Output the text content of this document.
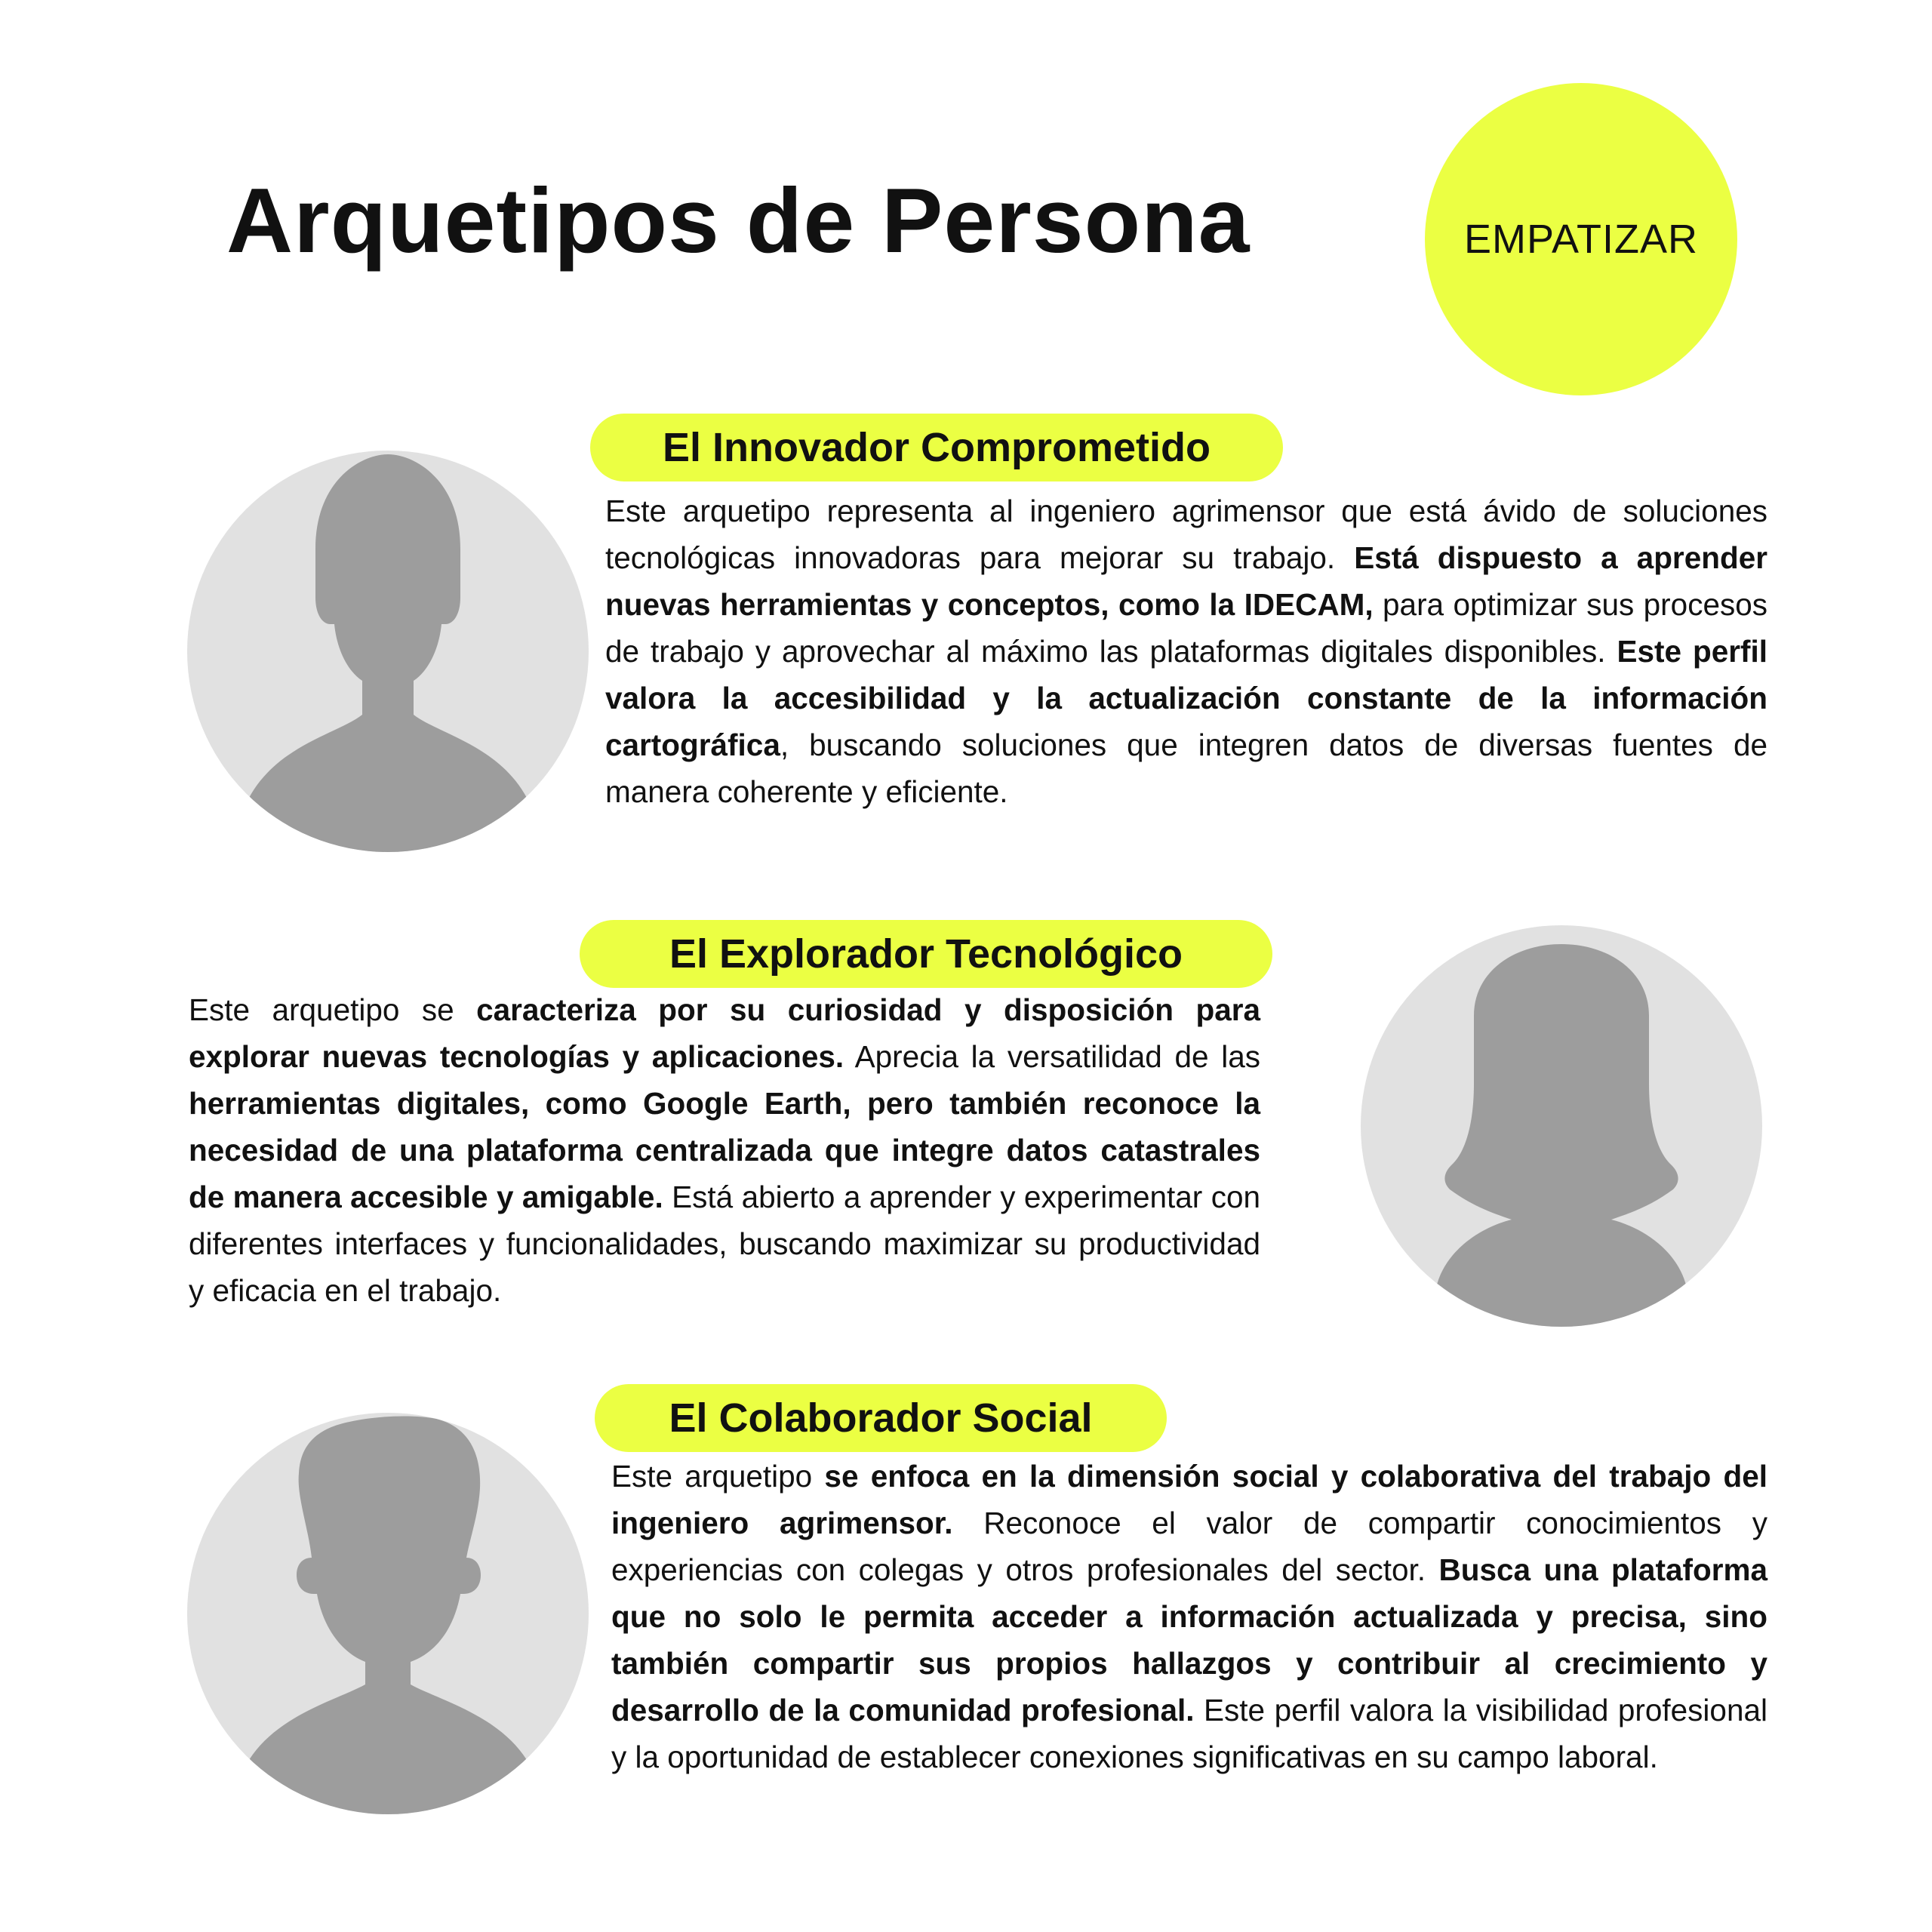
Arquetipos de Persona	EMPATIZAR
El Innovador Comprometido

Este arquetipo representa al ingeniero agrimensor que está ávido de soluciones tecnológicas innovadoras para mejorar su trabajo. Está dispuesto a aprender nuevas herramientas y conceptos, como la IDECAM, para optimizar sus procesos de trabajo y aprovechar al máximo las plataformas digitales disponibles. Este perfil valora la accesibilidad y la actualización constante de la información cartográfica, buscando soluciones que integren datos de diversas fuentes de manera coherente y eficiente.

El Explorador Tecnológico

Este arquetipo se caracteriza por su curiosidad y disposición para explorar nuevas tecnologías y aplicaciones. Aprecia la versatilidad de las herramientas digitales, como Google Earth, pero también reconoce la necesidad de una plataforma centralizada que integre datos catastrales de manera accesible y amigable. Está abierto a aprender y experimentar con diferentes interfaces y funcionalidades, buscando maximizar su productividad y eficacia en el trabajo.

El Colaborador Social

Este arquetipo se enfoca en la dimensión social y colaborativa del trabajo del ingeniero agrimensor. Reconoce el valor de compartir conocimientos y experiencias con colegas y otros profesionales del sector. Busca una plataforma que no solo le permita acceder a información actualizada y precisa, sino también compartir sus propios hallazgos y contribuir al crecimiento y desarrollo de la comunidad profesional. Este perfil valora la visibilidad profesional y la oportunidad de establecer conexiones significativas en su campo laboral.
